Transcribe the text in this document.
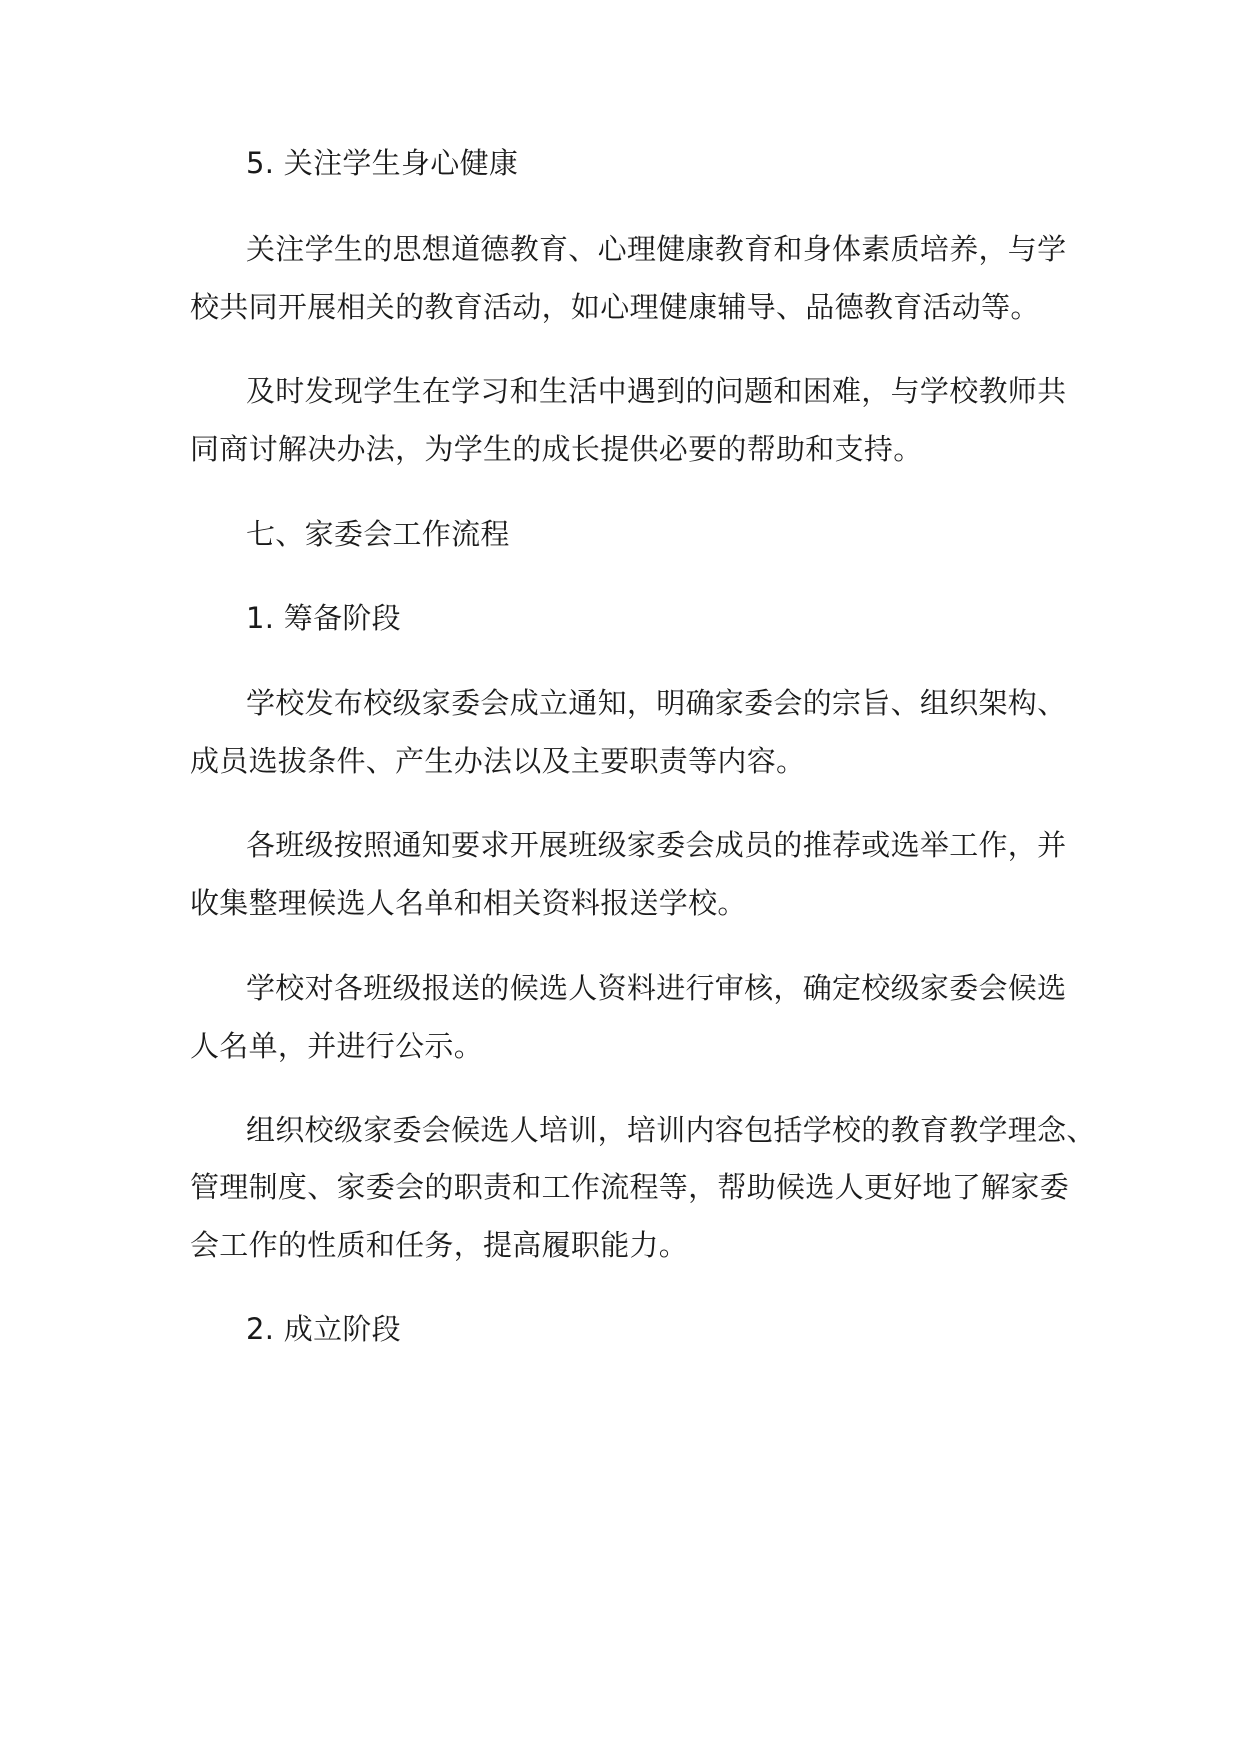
5. 关注学生身心健康
关注学生的思想道德教育、心理健康教育和身体素质培养，与学
校共同开展相关的教育活动，如心理健康辅导、品德教育活动等。
及时发现学生在学习和生活中遇到的问题和困难，与学校教师共
同商讨解决办法，为学生的成长提供必要的帮助和支持。
七、家委会工作流程
1. 筹备阶段
学校发布校级家委会成立通知，明确家委会的宗旨、组织架构、
成员选拔条件、产生办法以及主要职责等内容。
各班级按照通知要求开展班级家委会成员的推荐或选举工作，并
收集整理候选人名单和相关资料报送学校。
学校对各班级报送的候选人资料进行审核，确定校级家委会候选
人名单，并进行公示。
组织校级家委会候选人培训，培训内容包括学校的教育教学理念、
管理制度、家委会的职责和工作流程等，帮助候选人更好地了解家委
会工作的性质和任务，提高履职能力。
2. 成立阶段
